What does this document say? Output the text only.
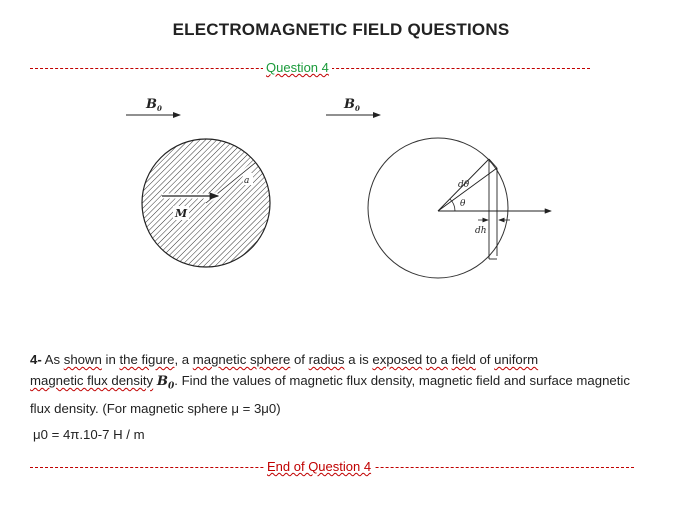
ELECTROMAGNETIC FIELD QUESTIONS
Question 4
$B_0$
a
M
$B_0$
dθ
θ
dh
4- As shown in the figure, a magnetic sphere of radius a is exposed to a field of uniform
magnetic flux density $B_0$. Find the values of magnetic flux density, magnetic field and surface magnetic flux density. (For magnetic sphere μ = 3μ0)
μ0 = 4π.10-7 H / m
End of Question 4
